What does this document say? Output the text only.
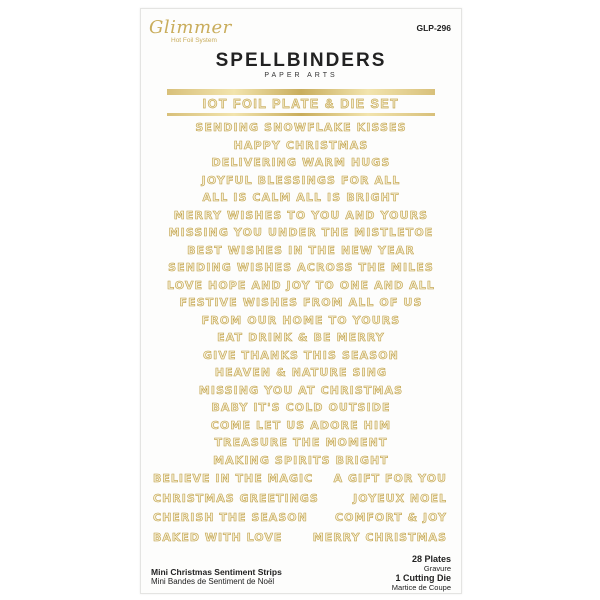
Glimmer
Hot Foil System
GLP-296
SPELLBINDERS
PAPER ARTS
IOT FOIL PLATE & DIE SET
SENDING SNOWFLAKE KISSES
HAPPY CHRISTMAS
DELIVERING WARM HUGS
JOYFUL BLESSINGS FOR ALL
ALL IS CALM ALL IS BRIGHT
MERRY WISHES TO YOU AND YOURS
MISSING YOU UNDER THE MISTLETOE
BEST WISHES IN THE NEW YEAR
SENDING WISHES ACROSS THE MILES
LOVE HOPE AND JOY TO ONE AND ALL
FESTIVE WISHES FROM ALL OF US
FROM OUR HOME TO YOURS
EAT DRINK & BE MERRY
GIVE THANKS THIS SEASON
HEAVEN & NATURE SING
MISSING YOU AT CHRISTMAS
BABY IT'S COLD OUTSIDE
COME LET US ADORE HIM
TREASURE THE MOMENT
MAKING SPIRITS BRIGHT
BELIEVE IN THE MAGIC A GIFT FOR YOU
CHRISTMAS GREETINGS	JOYEUX NOEL
CHERISH THE SEASON COMFORT & JOY
BAKED WITH LOVE	MERRY CHRISTMAS
Mini Christmas Sentiment Strips
Mini Bandes de Sentiment de Noël
28 Plates
Gravure
1 Cutting Die
Martice de Coupe
